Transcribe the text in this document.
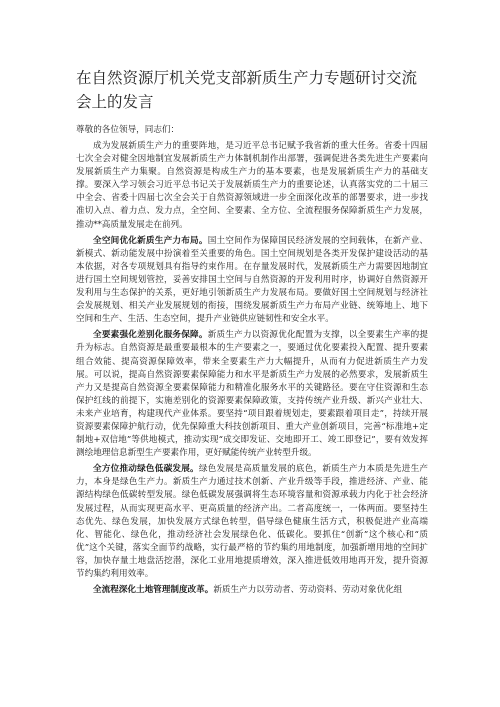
在自然资源厅机关党支部新质生产力专题研讨交流会上的发言
尊敬的各位领导，同志们：

成为发展新质生产力的重要阵地，是习近平总书记赋予我省新的重大任务。省委十四届七次全会对健全因地制宜发展新质生产力体制机制作出部署，强调促进各类先进生产要素向发展新质生产力集聚。自然资源是构成生产力的基本要素，也是发展新质生产力的基础支撑。要深入学习领会习近平总书记关于发展新质生产力的重要论述，认真落实党的二十届三中全会、省委十四届七次全会关于自然资源领域进一步全面深化改革的部署要求，进一步找准切入点、着力点、发力点，全空间、全要素、全方位、全流程服务保障新质生产力发展，推动**高质量发展走在前列。

全空间优化新质生产力布局。国土空间作为保障国民经济发展的空间载体，在新产业、新模式、新动能发展中扮演着至关重要的角色。国土空间规划是各类开发保护建设活动的基本依据，对各专项规划具有指导约束作用。在存量发展时代，发展新质生产力需要因地制宜进行国土空间规划管控，妥善安排国土空间与自然资源的开发利用时序，协调好自然资源开发利用与生态保护的关系，更好地引领新质生产力发展布局。要做好国土空间规划与经济社会发展规划、相关产业发展规划的衔接，围绕发展新质生产力布局产业链、统筹地上、地下空间和生产、生活、生态空间，提升产业链供应链韧性和安全水平。

全要素强化差别化服务保障。新质生产力以资源优化配置为支撑，以全要素生产率的提升为标志。自然资源是最重要最根本的生产要素之一，要通过优化要素投入配置、提升要素组合效能、提高资源保障效率，带来全要素生产力大幅提升，从而有力促进新质生产力发展。可以说，提高自然资源要素保障能力和水平是新质生产力发展的必然要求，发展新质生产力又是提高自然资源全要素保障能力和精准化服务水平的关键路径。要在守住资源和生态保护红线的前提下，实施差别化的资源要素保障政策，支持传统产业升级、新兴产业壮大、未来产业培育，构建现代产业体系。要坚持“项目跟着规划走，要素跟着项目走”，持续开展资源要素保障护航行动，优先保障重大科技创新项目、重大产业创新项目，完善“标准地+定制地+双信地”等供地模式，推动实现“成交即发证、交地即开工、竣工即登记”，要有效发挥测绘地理信息新型生产要素作用，更好赋能传统产业转型升级。

全方位推动绿色低碳发展。绿色发展是高质量发展的底色，新质生产力本质是先进生产力，本身是绿色生产力。新质生产力通过技术创新、产业升级等手段，推进经济、产业、能源结构绿色低碳转型发展。绿色低碳发展强调将生态环境容量和资源承载力内化于社会经济发展过程，从而实现更高水平、更高质量的经济产出。二者高度统一，一体两面。要坚持生态优先、绿色发展，加快发展方式绿色转型，倡导绿色健康生活方式，积极促进产业高端化、智能化、绿色化，推动经济社会发展绿色化、低碳化。要抓住“创新”这个核心和“质优”这个关键，落实全面节约战略，实行最严格的节约集约用地制度，加强新增用地的空间扩容，加快存量土地盘活挖潜，深化工业用地提质增效，深入推进低效用地再开发，提升资源节约集约利用效率。

全流程深化土地管理制度改革。新质生产力以劳动者、劳动资料、劳动对象优化组
